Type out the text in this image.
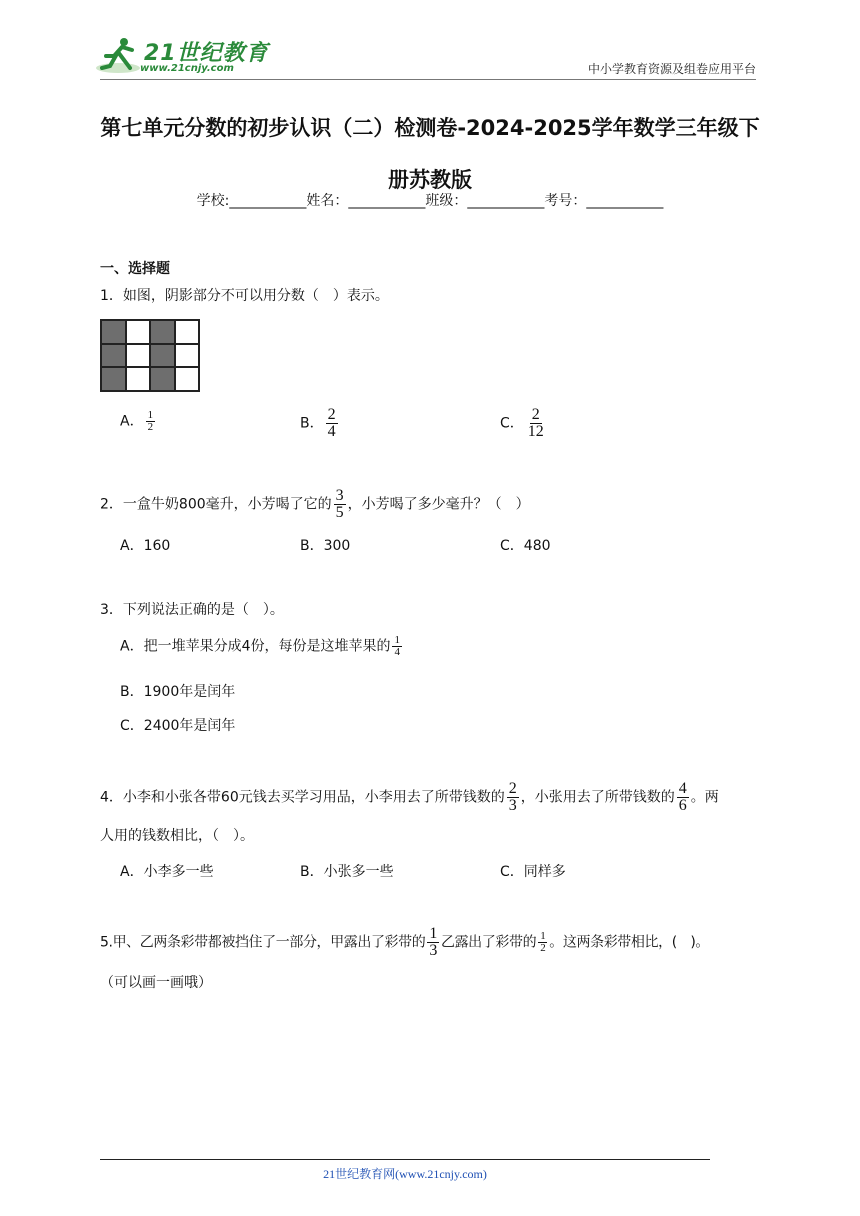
21世纪教育
www.21cnjy.com	中小学教育资源及组卷应用平台
第七单元分数的初步认识（二）检测卷-2024-2025学年数学三年级下册苏教版
学校:___________姓名：___________班级：___________考号：___________
一、选择题
1．如图，阴影部分不可以用分数（　）表示。
A． $\frac{1}{2}$	B． $\frac{2}{4}$	C． $\frac{2}{12}$
2．一盒牛奶800毫升，小芳喝了它的 $\frac{3}{5}$ ，小芳喝了多少毫升？（　）
A．160	B．300	C．480
3．下列说法正确的是（　）。
A．把一堆苹果分成4份，每份是这堆苹果的 $\frac{1}{4}$
B．1900年是闰年
C．2400年是闰年
4．小李和小张各带60元钱去买学习用品，小李用去了所带钱数的 $\frac{2}{3}$ ，小张用去了所带钱数的 $\frac{4}{6}$ 。两
人用的钱数相比，（　）。
A．小李多一些	B．小张多一些	C．同样多
5.甲、乙两条彩带都被挡住了一部分，甲露出了彩带的 $\frac{1}{3}$ 乙露出了彩带的 $\frac{1}{2}$ 。这两条彩带相比，(　)。
（可以画一画哦）
21世纪教育网(www.21cnjy.com)
